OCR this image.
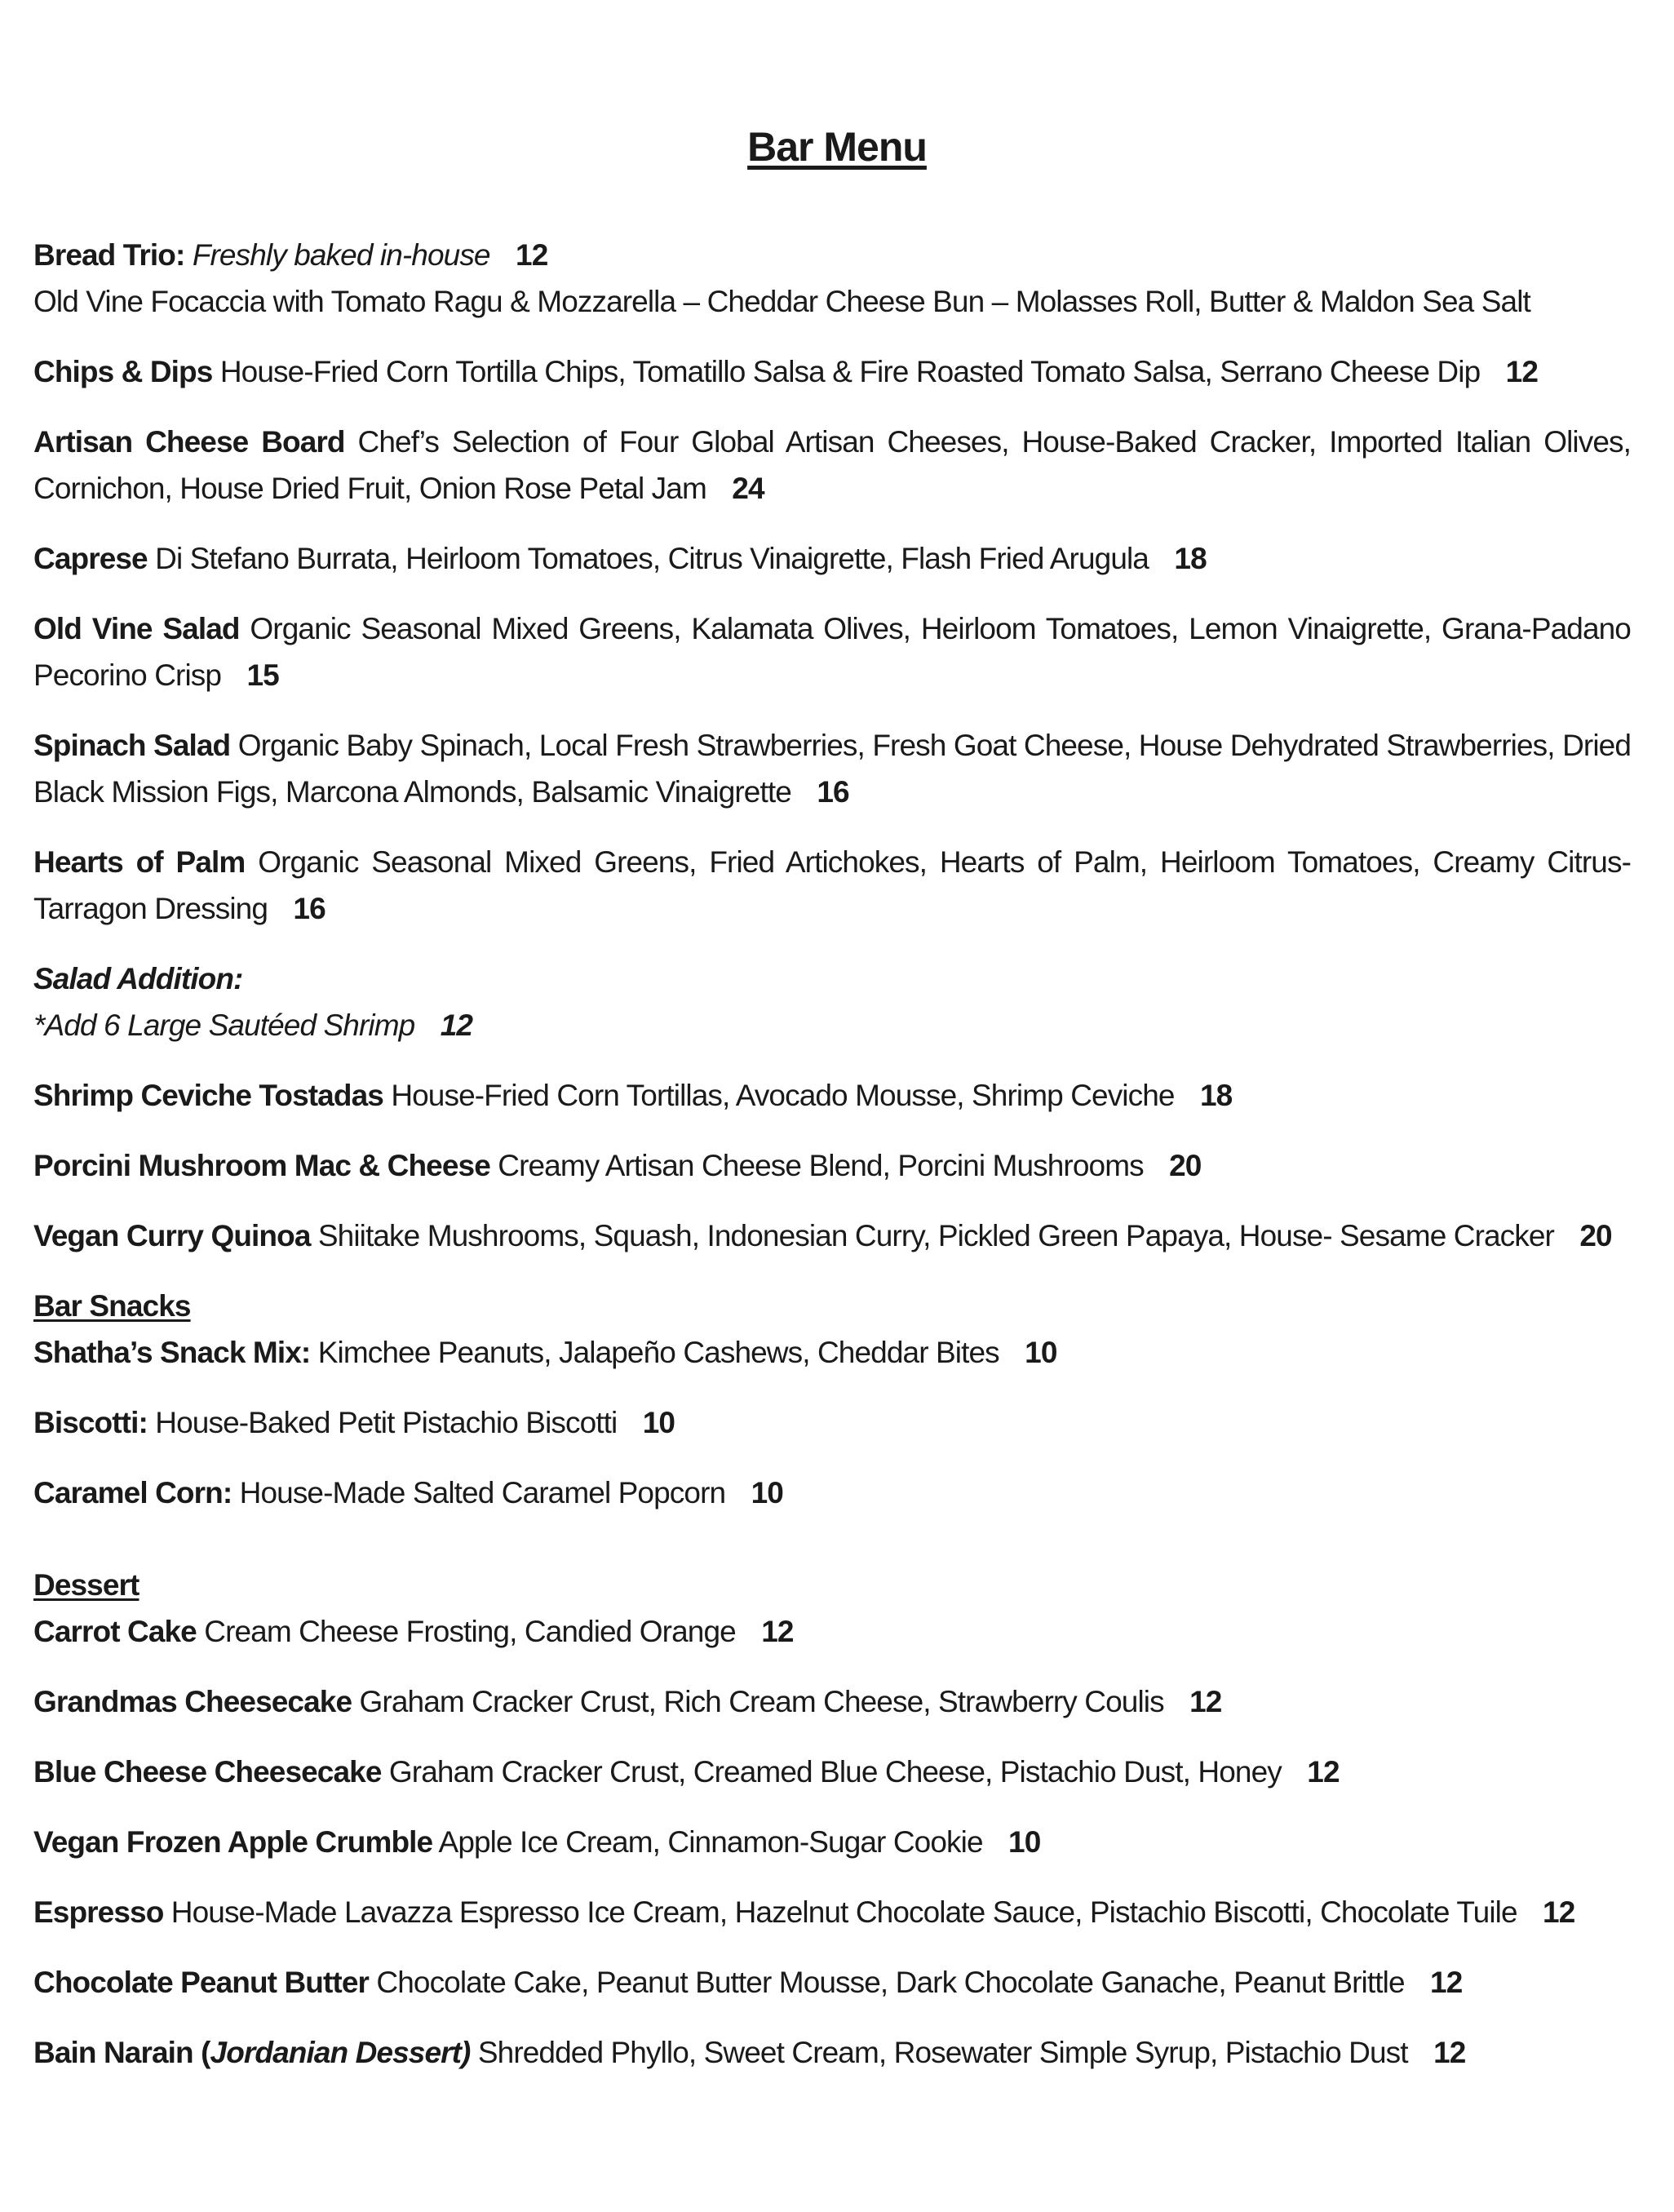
Bar Menu
Bread Trio: Freshly baked in-house 12
Old Vine Focaccia with Tomato Ragu & Mozzarella – Cheddar Cheese Bun – Molasses Roll, Butter & Maldon Sea Salt
Chips & Dips House-Fried Corn Tortilla Chips, Tomatillo Salsa & Fire Roasted Tomato Salsa, Serrano Cheese Dip 12
Artisan Cheese Board Chef’s Selection of Four Global Artisan Cheeses, House-Baked Cracker, Imported Italian Olives, Cornichon, House Dried Fruit, Onion Rose Petal Jam 24
Caprese Di Stefano Burrata, Heirloom Tomatoes, Citrus Vinaigrette, Flash Fried Arugula 18
Old Vine Salad Organic Seasonal Mixed Greens, Kalamata Olives, Heirloom Tomatoes, Lemon Vinaigrette, Grana-Padano Pecorino Crisp 15
Spinach Salad Organic Baby Spinach, Local Fresh Strawberries, Fresh Goat Cheese, House Dehydrated Strawberries, Dried Black Mission Figs, Marcona Almonds, Balsamic Vinaigrette 16
Hearts of Palm Organic Seasonal Mixed Greens, Fried Artichokes, Hearts of Palm, Heirloom Tomatoes, Creamy Citrus-Tarragon Dressing 16
Salad Addition:
*Add 6 Large Sautéed Shrimp 12
Shrimp Ceviche Tostadas House-Fried Corn Tortillas, Avocado Mousse, Shrimp Ceviche 18
Porcini Mushroom Mac & Cheese Creamy Artisan Cheese Blend, Porcini Mushrooms 20
Vegan Curry Quinoa Shiitake Mushrooms, Squash, Indonesian Curry, Pickled Green Papaya, House- Sesame Cracker 20
Bar Snacks
Shatha’s Snack Mix: Kimchee Peanuts, Jalapeño Cashews, Cheddar Bites 10
Biscotti: House-Baked Petit Pistachio Biscotti 10
Caramel Corn: House-Made Salted Caramel Popcorn 10
Dessert
Carrot Cake Cream Cheese Frosting, Candied Orange 12
Grandmas Cheesecake Graham Cracker Crust, Rich Cream Cheese, Strawberry Coulis 12
Blue Cheese Cheesecake Graham Cracker Crust, Creamed Blue Cheese, Pistachio Dust, Honey 12
Vegan Frozen Apple Crumble Apple Ice Cream, Cinnamon-Sugar Cookie 10
Espresso House-Made Lavazza Espresso Ice Cream, Hazelnut Chocolate Sauce, Pistachio Biscotti, Chocolate Tuile 12
Chocolate Peanut Butter Chocolate Cake, Peanut Butter Mousse, Dark Chocolate Ganache, Peanut Brittle 12
Bain Narain (Jordanian Dessert) Shredded Phyllo, Sweet Cream, Rosewater Simple Syrup, Pistachio Dust 12
